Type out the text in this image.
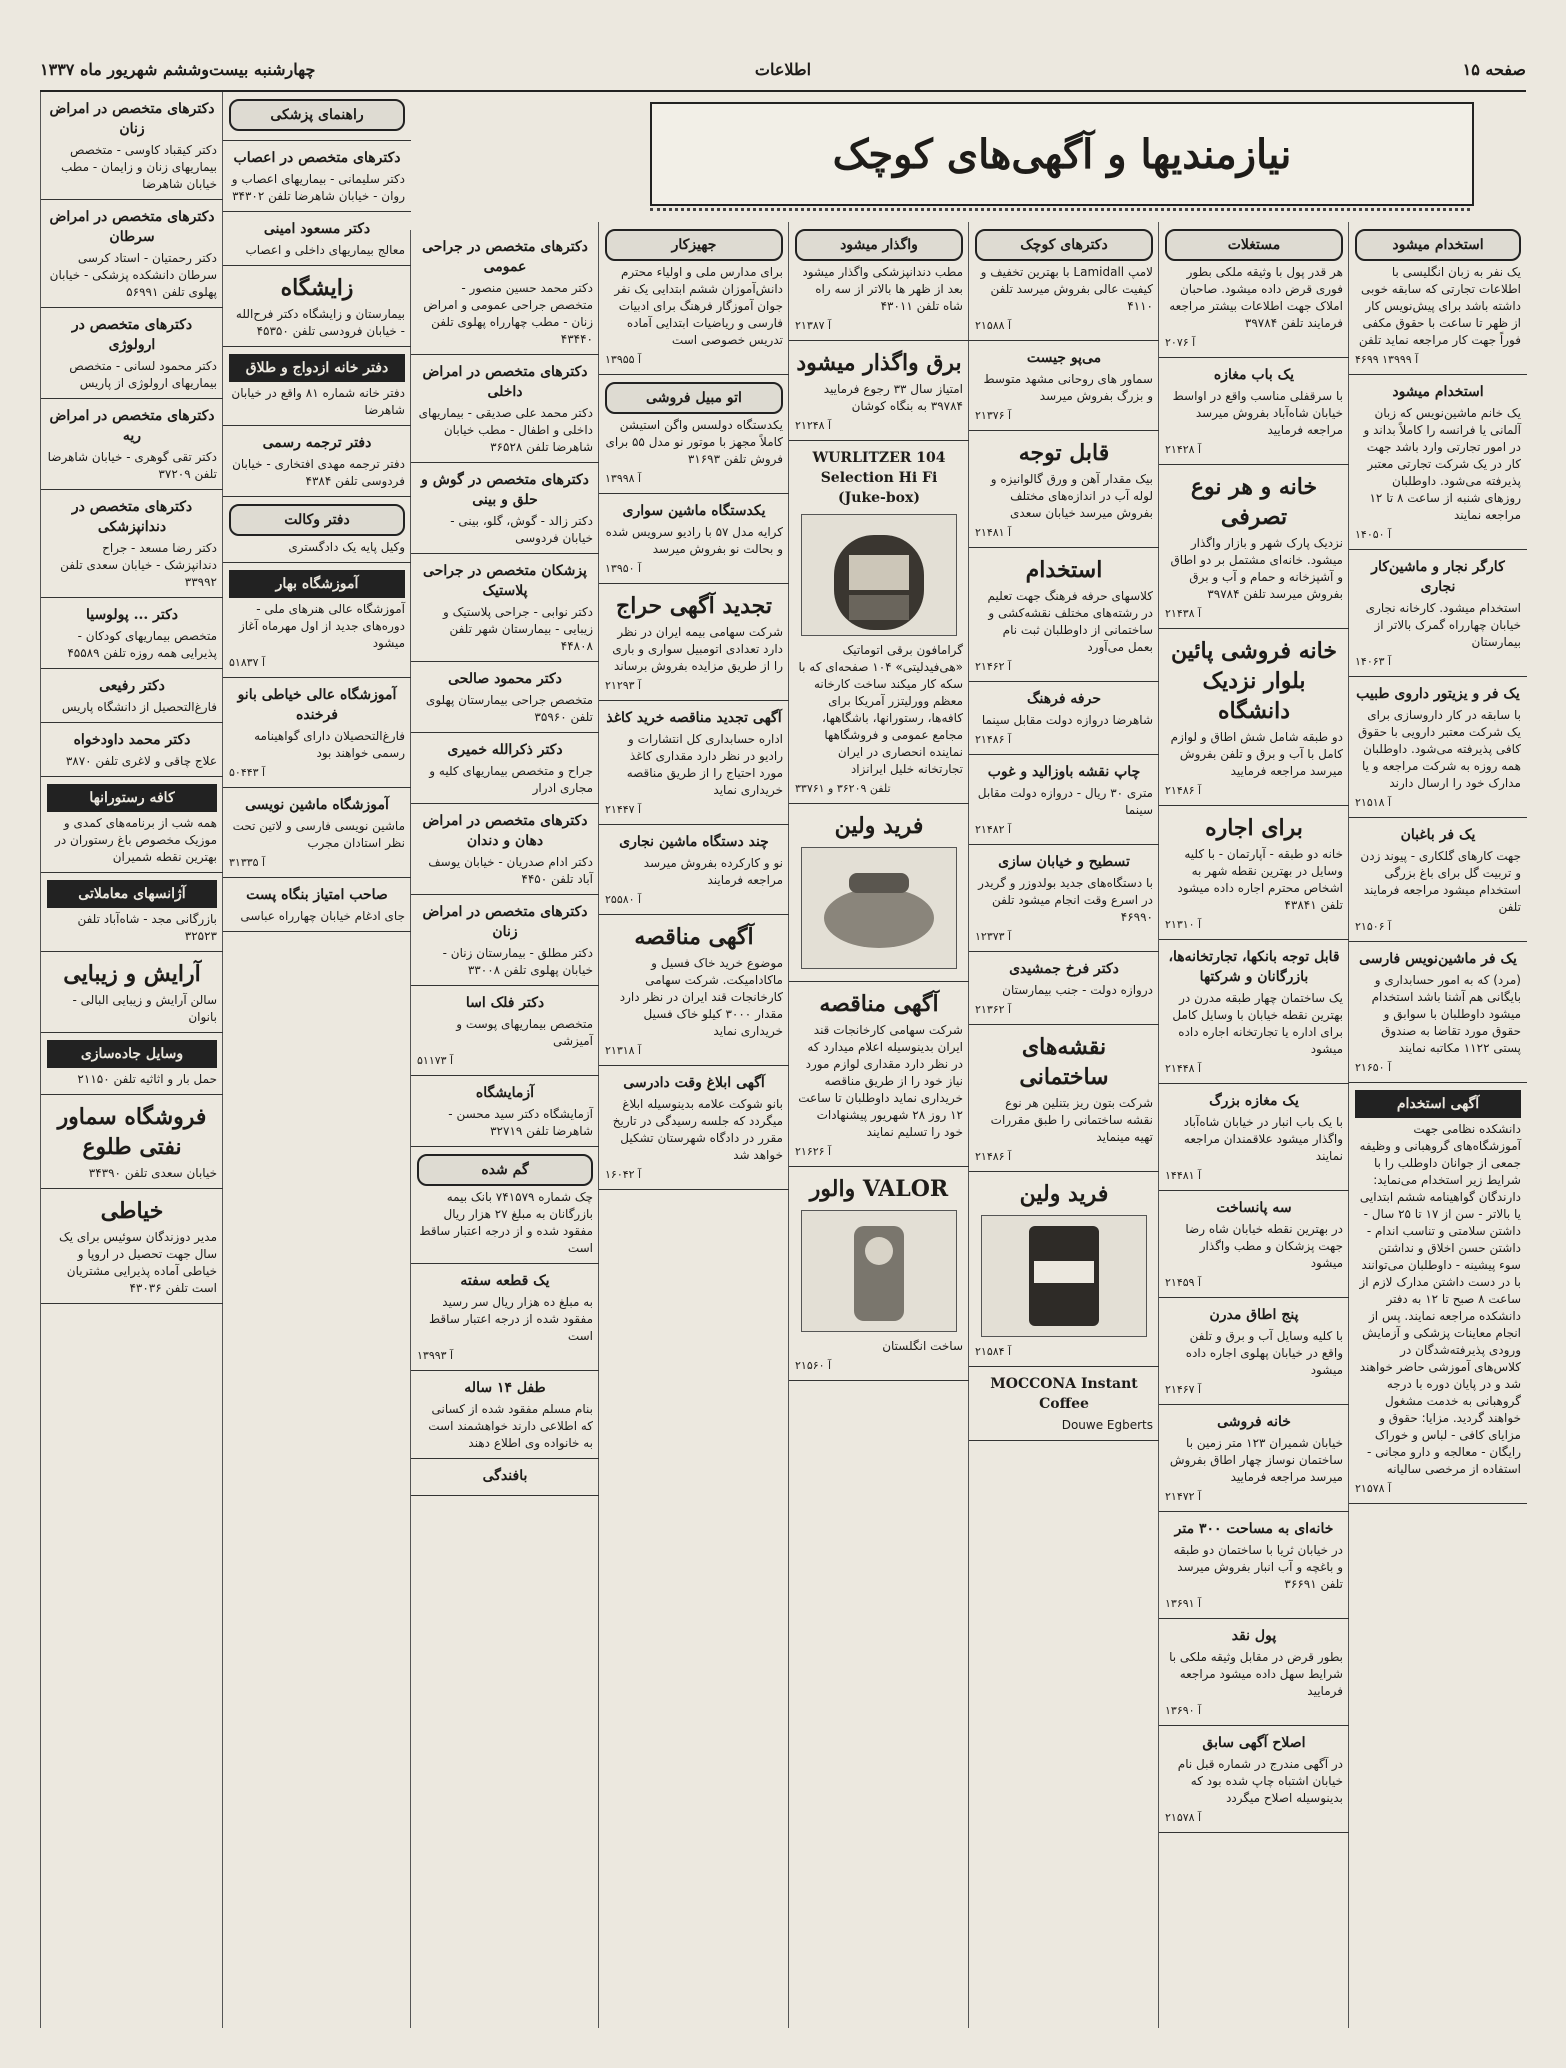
صفحه ۱۵
اطلاعات
چهارشنبه بیست‌وششم شهریور ماه ۱۳۳۷
نیازمندیها و آگهی‌های کوچک
استخدام میشود
یک نفر به زبان انگلیسی با اطلاعات تجارتی که سابقه خوبی داشته باشد برای پیش‌نویس کار از ظهر تا ساعت با حقوق مکفی فوراً جهت کار مراجعه نماید تلفن
۴۶۹۹ آ ۱۳۹۹۹
استخدام میشود
یک خانم ماشین‌نویس که زبان آلمانی یا فرانسه را کاملاً بداند و در امور تجارتی وارد باشد جهت کار در یک شرکت تجارتی معتبر پذیرفته می‌شود. داوطلبان روزهای شنبه از ساعت ۸ تا ۱۲ مراجعه نمایند
آ ۱۴۰۵۰
کارگر نجار و ماشین‌کار نجاری
استخدام میشود. کارخانه نجاری خیابان چهارراه گمرک بالاتر از بیمارستان
آ ۱۴۰۶۳
یک فر و یزیتور داروی طبیب
با سابقه در کار داروسازی برای یک شرکت معتبر دارویی با حقوق کافی پذیرفته می‌شود. داوطلبان همه روزه به شرکت مراجعه و یا مدارک خود را ارسال دارند
آ ۲۱۵۱۸
یک فر باغبان
جهت کارهای گلکاری - پیوند زدن و تربیت گل برای باغ بزرگی استخدام میشود مراجعه فرمایند تلفن
آ ۲۱۵۰۶
یک فر ماشین‌نویس فارسی
(مرد) که به امور حسابداری و بایگانی هم آشنا باشد استخدام میشود داوطلبان با سوابق و حقوق مورد تقاضا به صندوق پستی ۱۱۲۲ مکاتبه نمایند
آ ۲۱۶۵۰
آگهی استخدام
دانشکده نظامی جهت آموزشگاه‌های گروهبانی و وظیفه جمعی از جوانان داوطلب را با شرایط زیر استخدام می‌نماید: دارندگان گواهینامه ششم ابتدایی یا بالاتر - سن از ۱۷ تا ۲۵ سال - داشتن سلامتی و تناسب اندام - داشتن حسن اخلاق و نداشتن سوء پیشینه - داوطلبان می‌توانند با در دست داشتن مدارک لازم از ساعت ۸ صبح تا ۱۲ به دفتر دانشکده مراجعه نمایند. پس از انجام معاینات پزشکی و آزمایش ورودی پذیرفته‌شدگان در کلاس‌های آموزشی حاضر خواهند شد و در پایان دوره با درجه گروهبانی به خدمت مشغول خواهند گردید. مزایا: حقوق و مزایای کافی - لباس و خوراک رایگان - معالجه و دارو مجانی - استفاده از مرخصی سالیانه
آ ۲۱۵۷۸
مستغلات
هر قدر پول با وثیقه ملکی بطور فوری قرض داده میشود. صاحبان املاک جهت اطلاعات بیشتر مراجعه فرمایند تلفن ۳۹۷۸۴
آ ۲۰۷۶
یک باب مغازه
با سرقفلی مناسب واقع در اواسط خیابان شاه‌آباد بفروش میرسد مراجعه فرمایید
آ ۲۱۴۲۸
خانه و هر نوع تصرفی
نزدیک پارک شهر و بازار واگذار میشود. خانه‌ای مشتمل بر دو اطاق و آشپزخانه و حمام و آب و برق بفروش میرسد تلفن ۳۹۷۸۴
آ ۲۱۴۳۸
خانه فروشی پائین بلوار نزدیک دانشگاه
دو طبقه شامل شش اطاق و لوازم کامل با آب و برق و تلفن بفروش میرسد مراجعه فرمایید
آ ۲۱۴۸۶
برای اجاره
خانه دو طبقه - آپارتمان - با کلیه وسایل در بهترین نقطه شهر به اشخاص محترم اجاره داده میشود تلفن ۴۳۸۴۱
آ ۲۱۳۱۰
قابل توجه بانکها، تجارتخانه‌ها، بازرگانان و شرکتها
یک ساختمان چهار طبقه مدرن در بهترین نقطه خیابان با وسایل کامل برای اداره یا تجارتخانه اجاره داده میشود
آ ۲۱۴۴۸
یک مغازه بزرگ
با یک باب انبار در خیابان شاه‌آباد واگذار میشود علاقمندان مراجعه نمایند
آ ۱۴۴۸۱
سه پانساخت
در بهترین نقطه خیابان شاه رضا جهت پزشکان و مطب واگذار میشود
آ ۲۱۴۵۹
پنج اطاق مدرن
با کلیه وسایل آب و برق و تلفن واقع در خیابان پهلوی اجاره داده میشود
آ ۲۱۴۶۷
خانه فروشی
خیابان شمیران ۱۲۳ متر زمین با ساختمان نوساز چهار اطاق بفروش میرسد مراجعه فرمایید
آ ۲۱۴۷۲
خانه‌ای به مساحت ۳۰۰ متر
در خیابان ثریا با ساختمان دو طبقه و باغچه و آب انبار بفروش میرسد تلفن ۳۶۶۹۱
آ ۱۳۶۹۱
پول نقد
بطور قرض در مقابل وثیقه ملکی با شرایط سهل داده میشود مراجعه فرمایید
آ ۱۳۶۹۰
اصلاح آگهی سابق
در آگهی مندرج در شماره قبل نام خیابان اشتباه چاپ شده بود که بدینوسیله اصلاح میگردد
آ ۲۱۵۷۸
دکترهای کوچک
لامپ Lamidall با بهترین تخفیف و کیفیت عالی بفروش میرسد تلفن ۴۱۱۰
آ ۲۱۵۸۸
می‌پو جیست
سماور های روحانی مشهد متوسط و بزرگ بفروش میرسد
آ ۲۱۳۷۶
قابل توجه
بیک مقدار آهن و ورق گالوانیزه و لوله آب در اندازه‌های مختلف بفروش میرسد خیابان سعدی
آ ۲۱۴۸۱
استخدام
کلاسهای حرفه فرهنگ جهت تعلیم در رشته‌های مختلف نقشه‌کشی و ساختمانی از داوطلبان ثبت نام بعمل می‌آورد
آ ۲۱۴۶۲
حرفه فرهنگ
شاهرضا دروازه دولت مقابل سینما
آ ۲۱۴۸۶
چاپ نقشه باوزالید و غوب
متری ۳۰ ریال - دروازه دولت مقابل سینما
آ ۲۱۴۸۲
تسطیح و خیابان سازی
با دستگاه‌های جدید بولدوزر و گریدر در اسرع وقت انجام میشود تلفن ۴۶۹۹۰
آ ۱۲۳۷۳
دکتر فرخ جمشیدی
دروازه دولت - جنب بیمارستان
آ ۲۱۳۶۲
نقشه‌های ساختمانی
شرکت بتون ریز بتنلین هر نوع نقشه ساختمانی را طبق مقررات تهیه مینماید
آ ۲۱۴۸۶
فرید ولین
آ ۲۱۵۸۴
MOCCONA Instant Coffee
Douwe Egberts
واگذار میشود
مطب دندانپزشکی واگذار میشود بعد از ظهر ها بالاتر از سه راه شاه تلفن ۴۳۰۱۱
آ ۲۱۳۸۷
برق واگذار میشود
امتیاز سال ۳۳ رجوع فرمایید ۳۹۷۸۴ به بنگاه کوشان
آ ۲۱۲۴۸
WURLITZER 104 Selection Hi Fi (Juke-box)
گرامافون برقی اتوماتیک «هی‌فیدلیتی» ۱۰۴ صفحه‌ای که با سکه کار میکند ساخت کارخانه معظم وورلیتزر آمریکا برای کافه‌ها، رستورانها، باشگاهها، مجامع عمومی و فروشگاهها نماینده انحصاری در ایران تجارتخانه خلیل ایرانزاد
تلفن ۳۶۲۰۹ و ۳۳۷۶۱
فرید ولین
آگهی مناقصه
شرکت سهامی کارخانجات قند ایران بدینوسیله اعلام میدارد که در نظر دارد مقداری لوازم مورد نیاز خود را از طریق مناقصه خریداری نماید داوطلبان تا ساعت ۱۲ روز ۲۸ شهریور پیشنهادات خود را تسلیم نمایند
آ ۲۱۶۲۶
VALOR والور
ساخت انگلستان
آ ۲۱۵۶۰
جهیزکار
برای مدارس ملی و اولیاء محترم دانش‌آموزان ششم ابتدایی یک نفر جوان آموزگار فرهنگ برای ادبیات فارسی و ریاضیات ابتدایی آماده تدریس خصوصی است
آ ۱۳۹۵۵
اتو مبیل فروشی
یکدستگاه دولسس واگن استیشن کاملاً مجهز با موتور نو مدل ۵۵ برای فروش تلفن ۳۱۶۹۳
آ ۱۳۹۹۸
یکدستگاه ماشین سواری
کرایه مدل ۵۷ با رادیو سرویس شده و بحالت نو بفروش میرسد
آ ۱۳۹۵۰
تجدید آگهی حراج
شرکت سهامی بیمه ایران در نظر دارد تعدادی اتومبیل سواری و باری را از طریق مزایده بفروش برساند
آ ۲۱۲۹۳
آگهی تجدید مناقصه خرید کاغذ
اداره حسابداری کل انتشارات و رادیو در نظر دارد مقداری کاغذ مورد احتیاج را از طریق مناقصه خریداری نماید
آ ۲۱۴۴۷
چند دستگاه ماشین نجاری
نو و کارکرده بفروش میرسد مراجعه فرمایند
آ ۲۵۵۸۰
آگهی مناقصه
موضوع خرید خاک فسیل و ماکادامیکت. شرکت سهامی کارخانجات قند ایران در نظر دارد مقدار ۳۰۰۰ کیلو خاک فسیل خریداری نماید
آ ۲۱۳۱۸
آگهی ابلاغ وقت دادرسی
بانو شوکت علامه بدینوسیله ابلاغ میگردد که جلسه رسیدگی در تاریخ مقرر در دادگاه شهرستان تشکیل خواهد شد
آ ۱۶۰۴۲
دکترهای متخصص در جراحی عمومی
دکتر محمد حسین منصور - متخصص جراحی عمومی و امراض زنان - مطب چهارراه پهلوی تلفن ۴۳۴۴۰
دکترهای متخصص در امراض داخلی
دکتر محمد علی صدیقی - بیماریهای داخلی و اطفال - مطب خیابان شاهرضا تلفن ۳۶۵۲۸
دکترهای متخصص در گوش و حلق و بینی
دکتر زالد - گوش، گلو، بینی - خیابان فردوسی
پزشکان متخصص در جراحی پلاستیک
دکتر نوابی - جراحی پلاستیک و زیبایی - بیمارستان شهر تلفن ۴۴۸۰۸
دکتر محمود صالحی
متخصص جراحی بیمارستان پهلوی تلفن ۳۵۹۶۰
دکتر ذکرالله خمیری
جراح و متخصص بیماریهای کلیه و مجاری ادرار
دکترهای متخصص در امراض دهان و دندان
دکتر ادام صدریان - خیابان یوسف آباد تلفن ۴۴۵۰
دکترهای متخصص در امراض زنان
دکتر مطلق - بیمارستان زنان - خیابان پهلوی تلفن ۳۳۰۰۸
دکتر فلک اسا
متخصص بیماریهای پوست و آمیزشی
آ ۵۱۱۷۳
آزمایشگاه
آزمایشگاه دکتر سید محسن - شاهرضا تلفن ۳۲۷۱۹
گم شده
چک شماره ۷۴۱۵۷۹ بانک بیمه بازرگانان به مبلغ ۲۷ هزار ریال مفقود شده و از درجه اعتبار ساقط است
یک قطعه سفته
به مبلغ ده هزار ریال سر رسید مفقود شده از درجه اعتبار ساقط است
آ ۱۳۹۹۳
طفل ۱۴ ساله
بنام مسلم مفقود شده از کسانی که اطلاعی دارند خواهشمند است به خانواده وی اطلاع دهند
بافندگی
راهنمای پزشکی
دکترهای متخصص در اعصاب
دکتر سلیمانی - بیماریهای اعصاب و روان - خیابان شاهرضا تلفن ۳۴۳۰۲
دکتر مسعود امینی
معالج بیماریهای داخلی و اعصاب
زایشگاه
بیمارستان و زایشگاه دکتر فرح‌الله - خیابان فرودسی تلفن ۴۵۳۵۰
دفتر خانه ازدواج و طلاق
دفتر خانه شماره ۸۱ واقع در خیابان شاهرضا
دفتر ترجمه رسمی
دفتر ترجمه مهدی افتخاری - خیابان فردوسی تلفن ۴۳۸۴
دفتر وکالت
وکیل پایه یک دادگستری
آموزشگاه بهار
آموزشگاه عالی هنرهای ملی - دوره‌های جدید از اول مهرماه آغاز میشود
آ ۵۱۸۳۷
آموزشگاه عالی خیاطی بانو فرخنده
فارغ‌التحصیلان دارای گواهینامه رسمی خواهند بود
آ ۵۰۴۴۳
آموزشگاه ماشین نویسی
ماشین نویسی فارسی و لاتین تحت نظر استادان مجرب
آ ۳۱۳۳۵
صاحب امتیاز بنگاه پست
جای ادغام خیابان چهارراه عباسی
دکترهای متخصص در امراض زنان
دکتر کیقباد کاوسی - متخصص بیماریهای زنان و زایمان - مطب خیابان شاهرضا
دکترهای متخصص در امراض سرطان
دکتر رحمتیان - استاد کرسی سرطان دانشکده پزشکی - خیابان پهلوی تلفن ۵۶۹۹۱
دکترهای متخصص در ارولوژی
دکتر محمود لسانی - متخصص بیماریهای ارولوژی از پاریس
دکترهای متخصص در امراض ریه
دکتر تقی گوهری - خیابان شاهرضا تلفن ۳۷۲۰۹
دکترهای متخصص در دندانپزشکی
دکتر رضا مسعد - جراح دندانپزشک - خیابان سعدی تلفن ۳۳۹۹۲
دکتر ... پولوسیا
متخصص بیماریهای کودکان - پذیرایی همه روزه تلفن ۴۵۵۸۹
دکتر رفیعی
فارغ‌التحصیل از دانشگاه پاریس
دکتر محمد داودخواه
علاج چاقی و لاغری تلفن ۳۸۷۰
کافه رستورانها
همه شب از برنامه‌های کمدی و موزیک مخصوص باغ رستوران در بهترین نقطه شمیران
آژانسهای معاملاتی
بازرگانی مجد - شاه‌آباد تلفن ۳۲۵۲۳
آرایش و زیبایی
سالن آرایش و زیبایی البالی - بانوان
وسایل جاده‌سازی
حمل بار و اثاثیه تلفن ۲۱۱۵۰
فروشگاه سماور نفتی طلوع
خیابان سعدی تلفن ۳۴۳۹۰
خیاطی
مدیر دوزندگان سوئیس برای یک سال جهت تحصیل در اروپا و خیاطی آماده پذیرایی مشتریان است تلفن ۴۳۰۳۶
